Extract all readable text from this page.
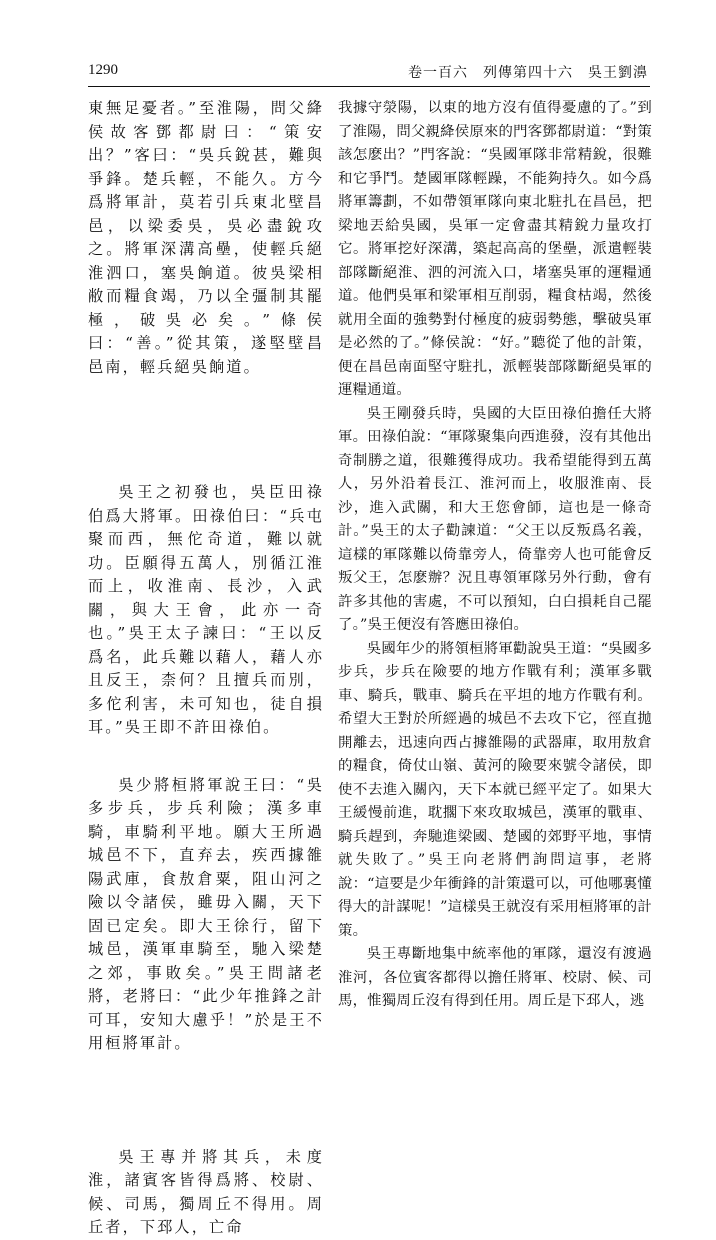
1290	卷一百六　列傳第四十六　吳王劉濞

東無足憂者。”至淮陽，問父絳侯故客鄧都尉曰：“策安出？”客曰：“吳兵銳甚，難與爭鋒。楚兵輕，不能久。方今爲將軍計，莫若引兵東北壁昌邑，以梁委吳，吳必盡銳攻之。將軍深溝高壘，使輕兵絕淮泗口，塞吳餉道。彼吳梁相敝而糧食竭，乃以全彊制其罷極，破吳必矣。”條侯曰：“善。”從其策，遂堅壁昌邑南，輕兵絕吳餉道。

吳王之初發也，吳臣田祿伯爲大將軍。田祿伯曰：“兵屯聚而西，無佗奇道，難以就功。臣願得五萬人，別循江淮而上，收淮南、長沙，入武關，與大王會，此亦一奇也。”吳王太子諫曰：“王以反爲名，此兵難以藉人，藉人亦且反王，柰何？且擅兵而別，多佗利害，未可知也，徒自損耳。”吳王即不許田祿伯。

吳少將桓將軍說王曰：“吳多步兵，步兵利險；漢多車騎，車騎利平地。願大王所過城邑不下，直弃去，疾西據雒陽武庫，食敖倉粟，阻山河之險以令諸侯，雖毋入關，天下固已定矣。即大王徐行，留下城邑，漢軍車騎至，馳入梁楚之郊，事敗矣。”吳王問諸老將，老將曰：“此少年推鋒之計可耳，安知大慮乎！”於是王不用桓將軍計。

吳王專并將其兵，未度淮，諸賓客皆得爲將、校尉、候、司馬，獨周丘不得用。周丘者，下邳人，亡命

我據守滎陽，以東的地方沒有值得憂慮的了。”到了淮陽，問父親絳侯原來的門客鄧都尉道：“對策該怎麽出？”門客說：“吳國軍隊非常精銳，很難和它爭鬥。楚國軍隊輕躁，不能夠持久。如今爲將軍籌劃，不如帶領軍隊向東北駐扎在昌邑，把梁地丟給吳國，吳軍一定會盡其精銳力量攻打它。將軍挖好深溝，築起高高的堡壘，派遣輕裝部隊斷絕淮、泗的河流入口，堵塞吳軍的運糧通道。他們吳軍和梁軍相互削弱，糧食枯竭，然後就用全面的強勢對付極度的疲弱勢態，擊破吳軍是必然的了。”條侯說：“好。”聽從了他的計策，便在昌邑南面堅守駐扎，派輕裝部隊斷絕吳軍的運糧通道。

吳王剛發兵時，吳國的大臣田祿伯擔任大將軍。田祿伯說：“軍隊聚集向西進發，沒有其他出奇制勝之道，很難獲得成功。我希望能得到五萬人，另外沿着長江、淮河而上，收服淮南、長沙，進入武關，和大王您會師，這也是一條奇計。”吳王的太子勸諫道：“父王以反叛爲名義，這樣的軍隊難以倚靠旁人，倚靠旁人也可能會反叛父王，怎麽辦？況且專領軍隊另外行動，會有許多其他的害處，不可以預知，白白損耗自己罷了。”吳王便沒有答應田祿伯。

吳國年少的將領桓將軍勸說吳王道：“吳國多步兵，步兵在險要的地方作戰有利；漢軍多戰車、騎兵，戰車、騎兵在平坦的地方作戰有利。希望大王對於所經過的城邑不去攻下它，徑直拋開離去，迅速向西占據雒陽的武器庫，取用敖倉的糧食，倚仗山嶺、黃河的險要來號令諸侯，即使不去進入關內，天下本就已經平定了。如果大王緩慢前進，耽擱下來攻取城邑，漢軍的戰車、騎兵趕到，奔馳進梁國、楚國的郊野平地，事情就失敗了。”吳王向老將們詢問這事，老將說：“這要是少年衝鋒的計策還可以，可他哪裏懂得大的計謀呢！”這樣吳王就沒有采用桓將軍的計策。

吳王專斷地集中統率他的軍隊，還沒有渡過淮河，各位賓客都得以擔任將軍、校尉、候、司馬，惟獨周丘沒有得到任用。周丘是下邳人，逃
